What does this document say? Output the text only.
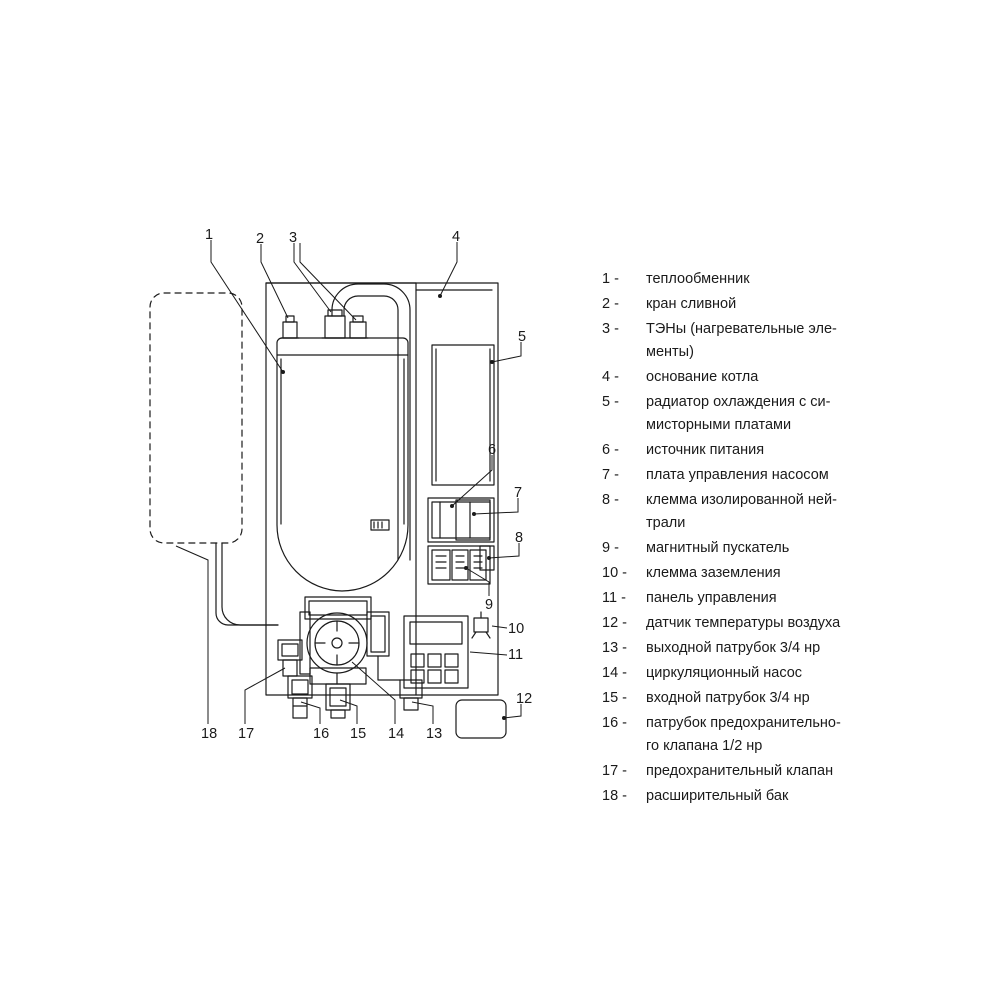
1	2 3	4
5
6
7
8
9
10
11
12
13
14
15
16
17
18
1 -	теплообменник
2 -	кран сливной
3 -	ТЭНы (нагревательные эле-
менты)
4 -	основание котла
5 -	радиатор охлаждения с си-
мисторными платами
6 -	источник питания
7 -	плата управления насосом
8 -	клемма изолированной ней-
трали
9 -	магнитный пускатель
10 -	клемма заземления
11 -	панель управления
12 -	датчик температуры воздуха
13 -	выходной патрубок 3/4 нр
14 -	циркуляционный насос
15 -	входной патрубок 3/4 нр
16 -	патрубок предохранительно-
го клапана 1/2 нр
17 -	предохранительный клапан
18 -	расширительный бак
